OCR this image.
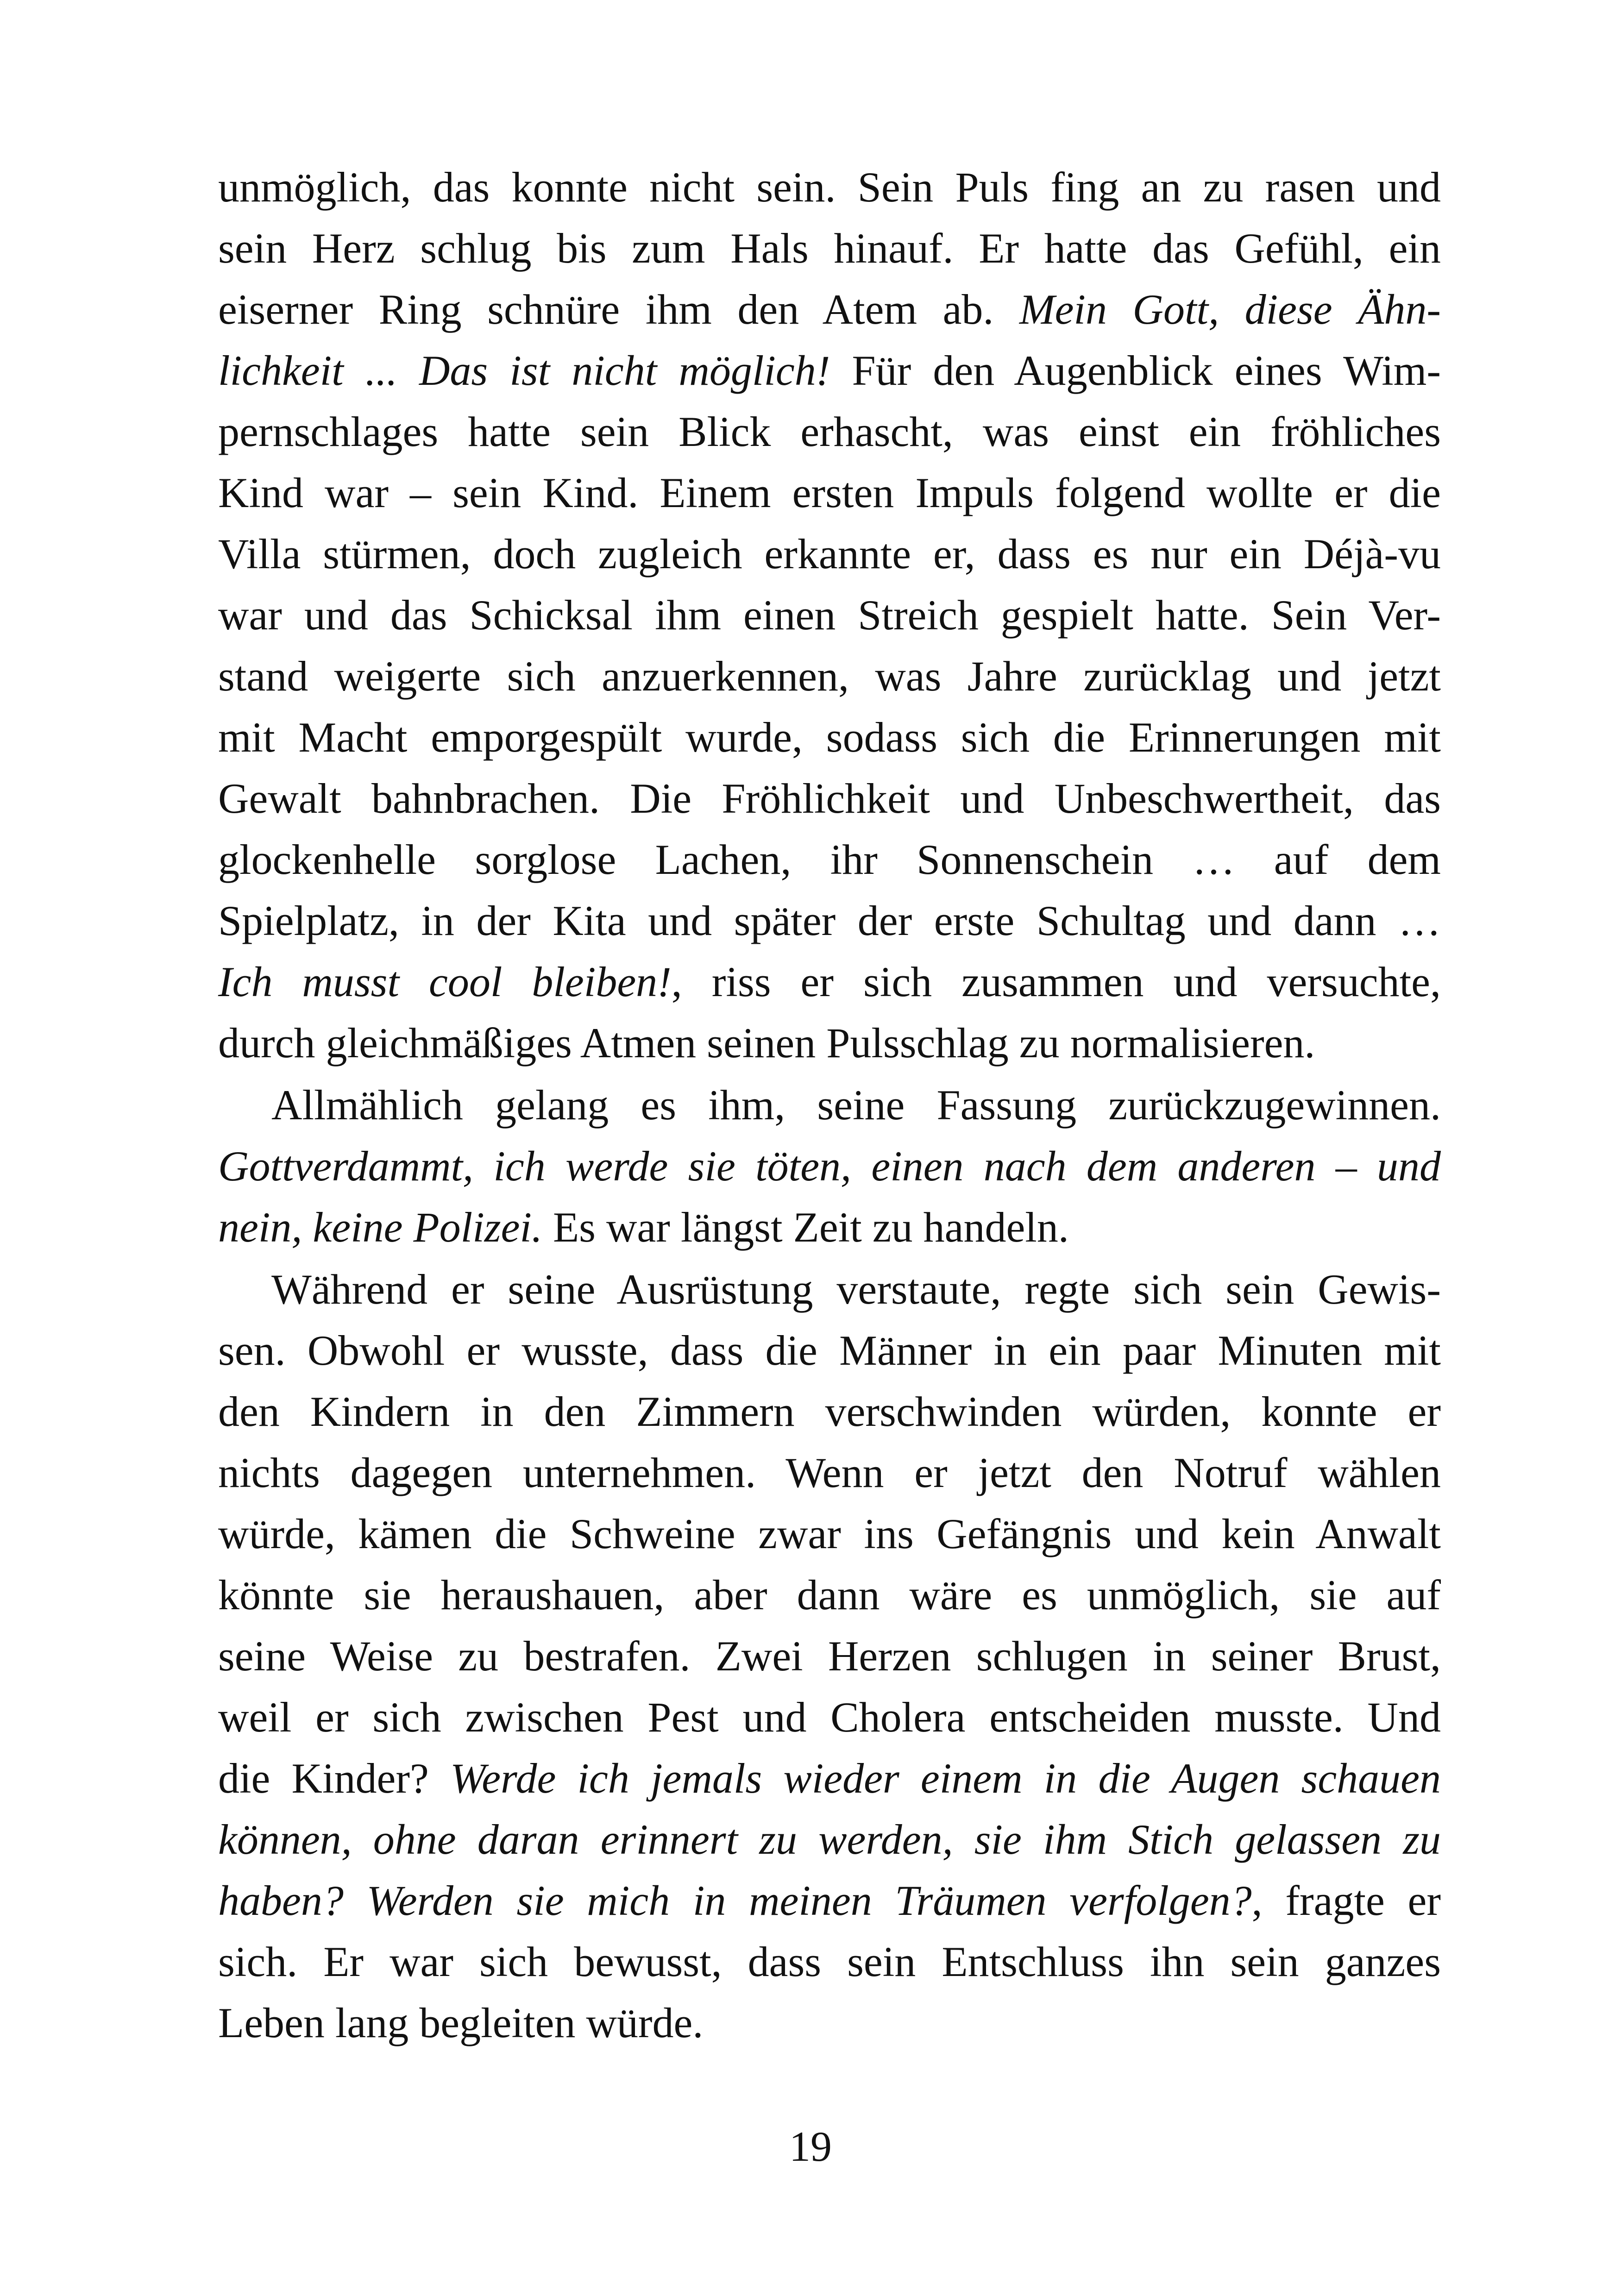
unmöglich, das konnte nicht sein. Sein Puls fing an zu rasen und
sein Herz schlug bis zum Hals hinauf. Er hatte das Gefühl, ein
eiserner Ring schnüre ihm den Atem ab. Mein Gott, diese Ähn-
lichkeit ... Das ist nicht möglich! Für den Augenblick eines Wim-
pernschlages hatte sein Blick erhascht, was einst ein fröhliches
Kind war – sein Kind. Einem ersten Impuls folgend wollte er die
Villa stürmen, doch zugleich erkannte er, dass es nur ein Déjà-vu
war und das Schicksal ihm einen Streich gespielt hatte. Sein Ver-
stand weigerte sich anzuerkennen, was Jahre zurücklag und jetzt
mit Macht emporgespült wurde, sodass sich die Erinnerungen mit
Gewalt bahnbrachen. Die Fröhlichkeit und Unbeschwertheit, das
glockenhelle sorglose Lachen, ihr Sonnenschein … auf dem
Spielplatz, in der Kita und später der erste Schultag und dann …
Ich musst cool bleiben!, riss er sich zusammen und versuchte,
durch gleichmäßiges Atmen seinen Pulsschlag zu normalisieren.
Allmählich gelang es ihm, seine Fassung zurückzugewinnen.
Gottverdammt, ich werde sie töten, einen nach dem anderen – und
nein, keine Polizei. Es war längst Zeit zu handeln.
Während er seine Ausrüstung verstaute, regte sich sein Gewis-
sen. Obwohl er wusste, dass die Männer in ein paar Minuten mit
den Kindern in den Zimmern verschwinden würden, konnte er
nichts dagegen unternehmen. Wenn er jetzt den Notruf wählen
würde, kämen die Schweine zwar ins Gefängnis und kein Anwalt
könnte sie heraushauen, aber dann wäre es unmöglich, sie auf
seine Weise zu bestrafen. Zwei Herzen schlugen in seiner Brust,
weil er sich zwischen Pest und Cholera entscheiden musste. Und
die Kinder? Werde ich jemals wieder einem in die Augen schauen
können, ohne daran erinnert zu werden, sie ihm Stich gelassen zu
haben? Werden sie mich in meinen Träumen verfolgen?, fragte er
sich. Er war sich bewusst, dass sein Entschluss ihn sein ganzes
Leben lang begleiten würde.
19
